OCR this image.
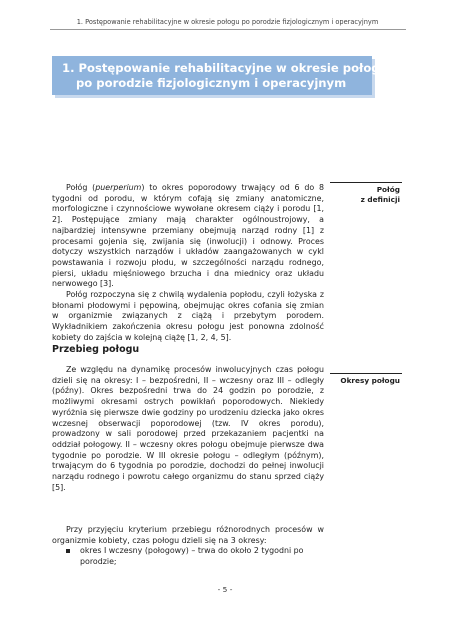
1. Postępowanie rehabilitacyjne w okresie połogu po porodzie fizjologicznym i operacyjnym
1. Postępowanie rehabilitacyjne w okresie połogu
po porodzie fizjologicznym i operacyjnym
Połóg
z definicji
Połóg (puerperium) to okres poporodowy trwający od 6 do 8 tygodni od porodu, w którym cofają się zmiany anatomiczne, morfologiczne i czynnościowe wywołane okresem ciąży i porodu [1, 2]. Postępujące zmiany mają charakter ogólnoustrojowy, a najbardziej intensywne przemiany obejmują narząd rodny [1] z procesami gojenia się, zwijania się (inwolucji) i odnowy. Proces dotyczy wszystkich narządów i układów zaangażowanych w cykl powstawania i rozwoju płodu, w szczególności narządu rodnego, piersi, układu mięśniowego brzucha i dna miednicy oraz układu nerwowego [3].
Połóg rozpoczyna się z chwilą wydalenia popłodu, czyli łożyska z błonami płodowymi i pępowiną, obejmując okres cofania się zmian w organizmie związanych z ciążą i przebytym porodem. Wykładnikiem zakończenia okresu połogu jest ponowna zdolność kobiety do zajścia w kolejną ciążę [1, 2, 4, 5].
Przebieg połogu
Okresy połogu
Ze względu na dynamikę procesów inwolucyjnych czas połogu dzieli się na okresy: I – bezpośredni, II – wczesny oraz III – odległy (późny). Okres bezpośredni trwa do 24 godzin po porodzie, z możliwymi okresami ostrych powikłań poporodowych. Niekiedy wyróżnia się pierwsze dwie godziny po urodzeniu dziecka jako okres wczesnej obserwacji poporodowej (tzw. IV okres porodu), prowadzony w sali porodowej przed przekazaniem pacjentki na oddział połogowy. II – wczesny okres połogu obejmuje pierwsze dwa tygodnie po porodzie. W III okresie połogu – odległym (późnym), trwającym do 6 tygodnia po porodzie, dochodzi do pełnej inwolucji narządu rodnego i powrotu całego organizmu do stanu sprzed ciąży [5].
Przy przyjęciu kryterium przebiegu różnorodnych procesów w organizmie kobiety, czas połogu dzieli się na 3 okresy:
okres I wczesny (połogowy) – trwa do około 2 tygodni po porodzie;
- 5 -
